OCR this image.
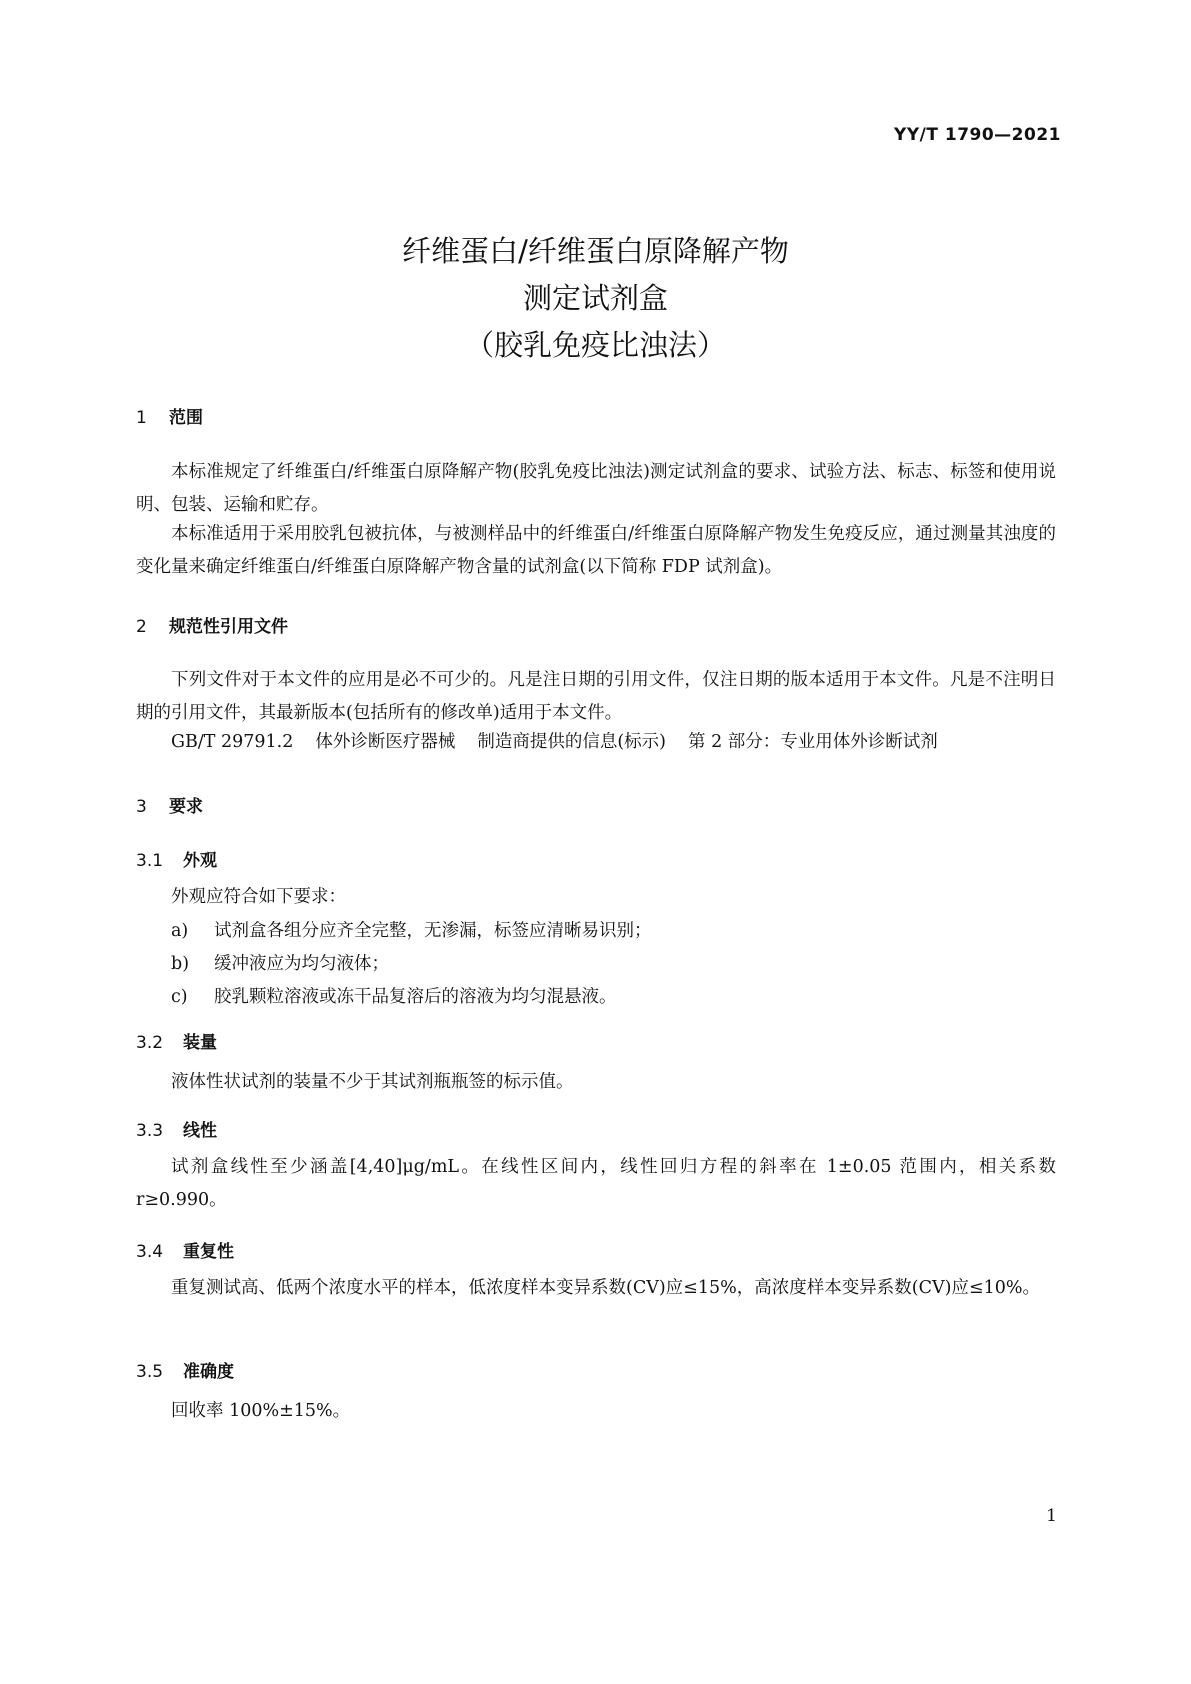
YY/T 1790—2021
纤维蛋白/纤维蛋白原降解产物
测定试剂盒
（胶乳免疫比浊法）
1 范围
本标准规定了纤维蛋白/纤维蛋白原降解产物(胶乳免疫比浊法)测定试剂盒的要求、试验方法、标志、标签和使用说明、包装、运输和贮存。
本标准适用于采用胶乳包被抗体，与被测样品中的纤维蛋白/纤维蛋白原降解产物发生免疫反应，通过测量其浊度的变化量来确定纤维蛋白/纤维蛋白原降解产物含量的试剂盒(以下简称 FDP 试剂盒)。
2 规范性引用文件
下列文件对于本文件的应用是必不可少的。凡是注日期的引用文件，仅注日期的版本适用于本文件。凡是不注明日期的引用文件，其最新版本(包括所有的修改单)适用于本文件。
GB/T 29791.2 体外诊断医疗器械 制造商提供的信息(标示) 第 2 部分：专业用体外诊断试剂
3 要求
3.1 外观
外观应符合如下要求：
a) 试剂盒各组分应齐全完整，无渗漏，标签应清晰易识别；
b) 缓冲液应为均匀液体；
c) 胶乳颗粒溶液或冻干品复溶后的溶液为均匀混悬液。
3.2 装量
液体性状试剂的装量不少于其试剂瓶瓶签的标示值。
3.3 线性
试剂盒线性至少涵盖[4,40]μg/mL。在线性区间内，线性回归方程的斜率在 1±0.05 范围内，相关系数 r≥0.990。
3.4 重复性
重复测试高、低两个浓度水平的样本，低浓度样本变异系数(CV)应≤15%，高浓度样本变异系数(CV)应≤10%。
3.5 准确度
回收率 100%±15%。
1
